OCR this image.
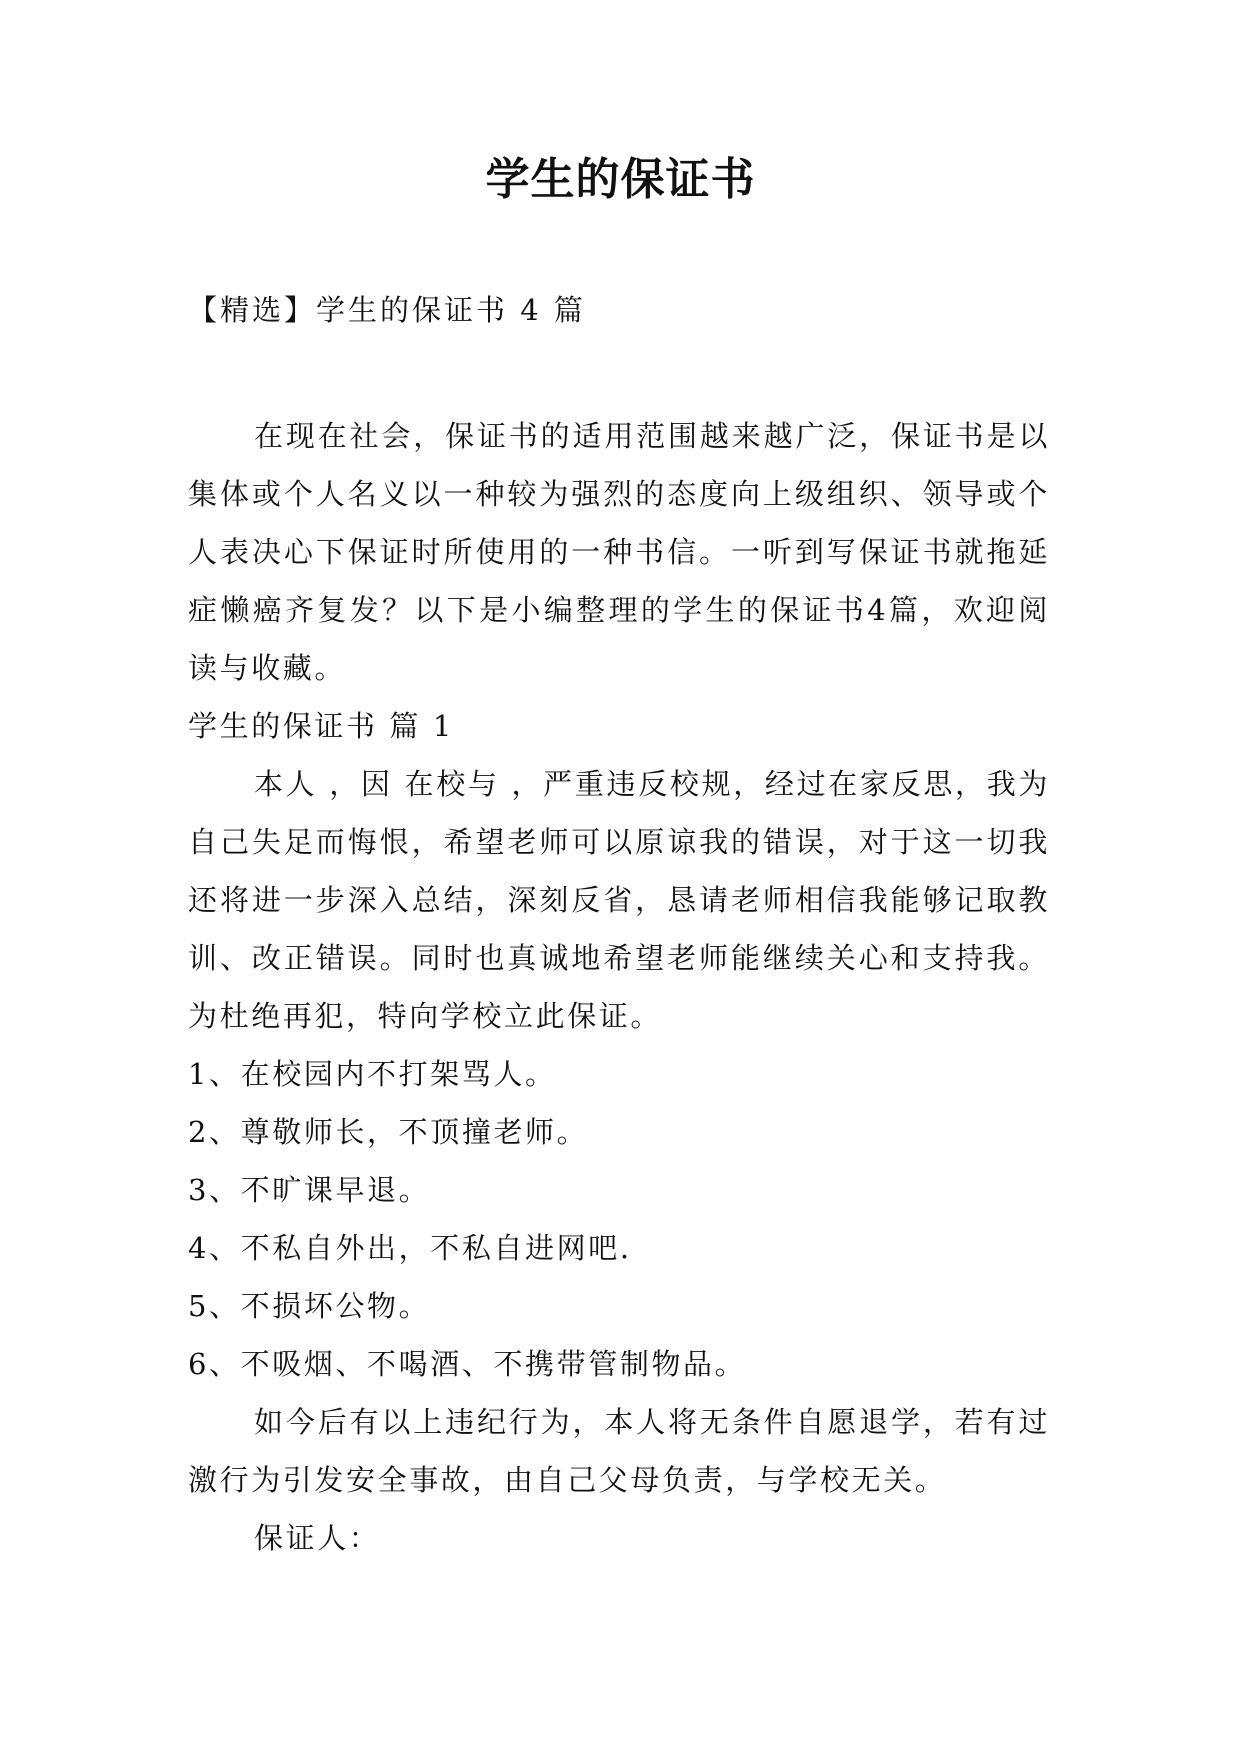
学生的保证书
【精选】学生的保证书 4 篇

在现在社会，保证书的适用范围越来越广泛，保证书是以集体或个人名义以一种较为强烈的态度向上级组织、领导或个人表决心下保证时所使用的一种书信。一听到写保证书就拖延症懒癌齐复发？以下是小编整理的学生的保证书4篇，欢迎阅读与收藏。

学生的保证书 篇 1

本人 ，因 在校与 ，严重违反校规，经过在家反思，我为自己失足而悔恨，希望老师可以原谅我的错误，对于这一切我还将进一步深入总结，深刻反省，恳请老师相信我能够记取教训、改正错误。同时也真诚地希望老师能继续关心和支持我。为杜绝再犯，特向学校立此保证。

1、在校园内不打架骂人。

2、尊敬师长，不顶撞老师。

3、不旷课早退。

4、不私自外出，不私自进网吧.

5、不损坏公物。

6、不吸烟、不喝酒、不携带管制物品。

如今后有以上违纪行为，本人将无条件自愿退学，若有过激行为引发安全事故，由自己父母负责，与学校无关。

保证人：
